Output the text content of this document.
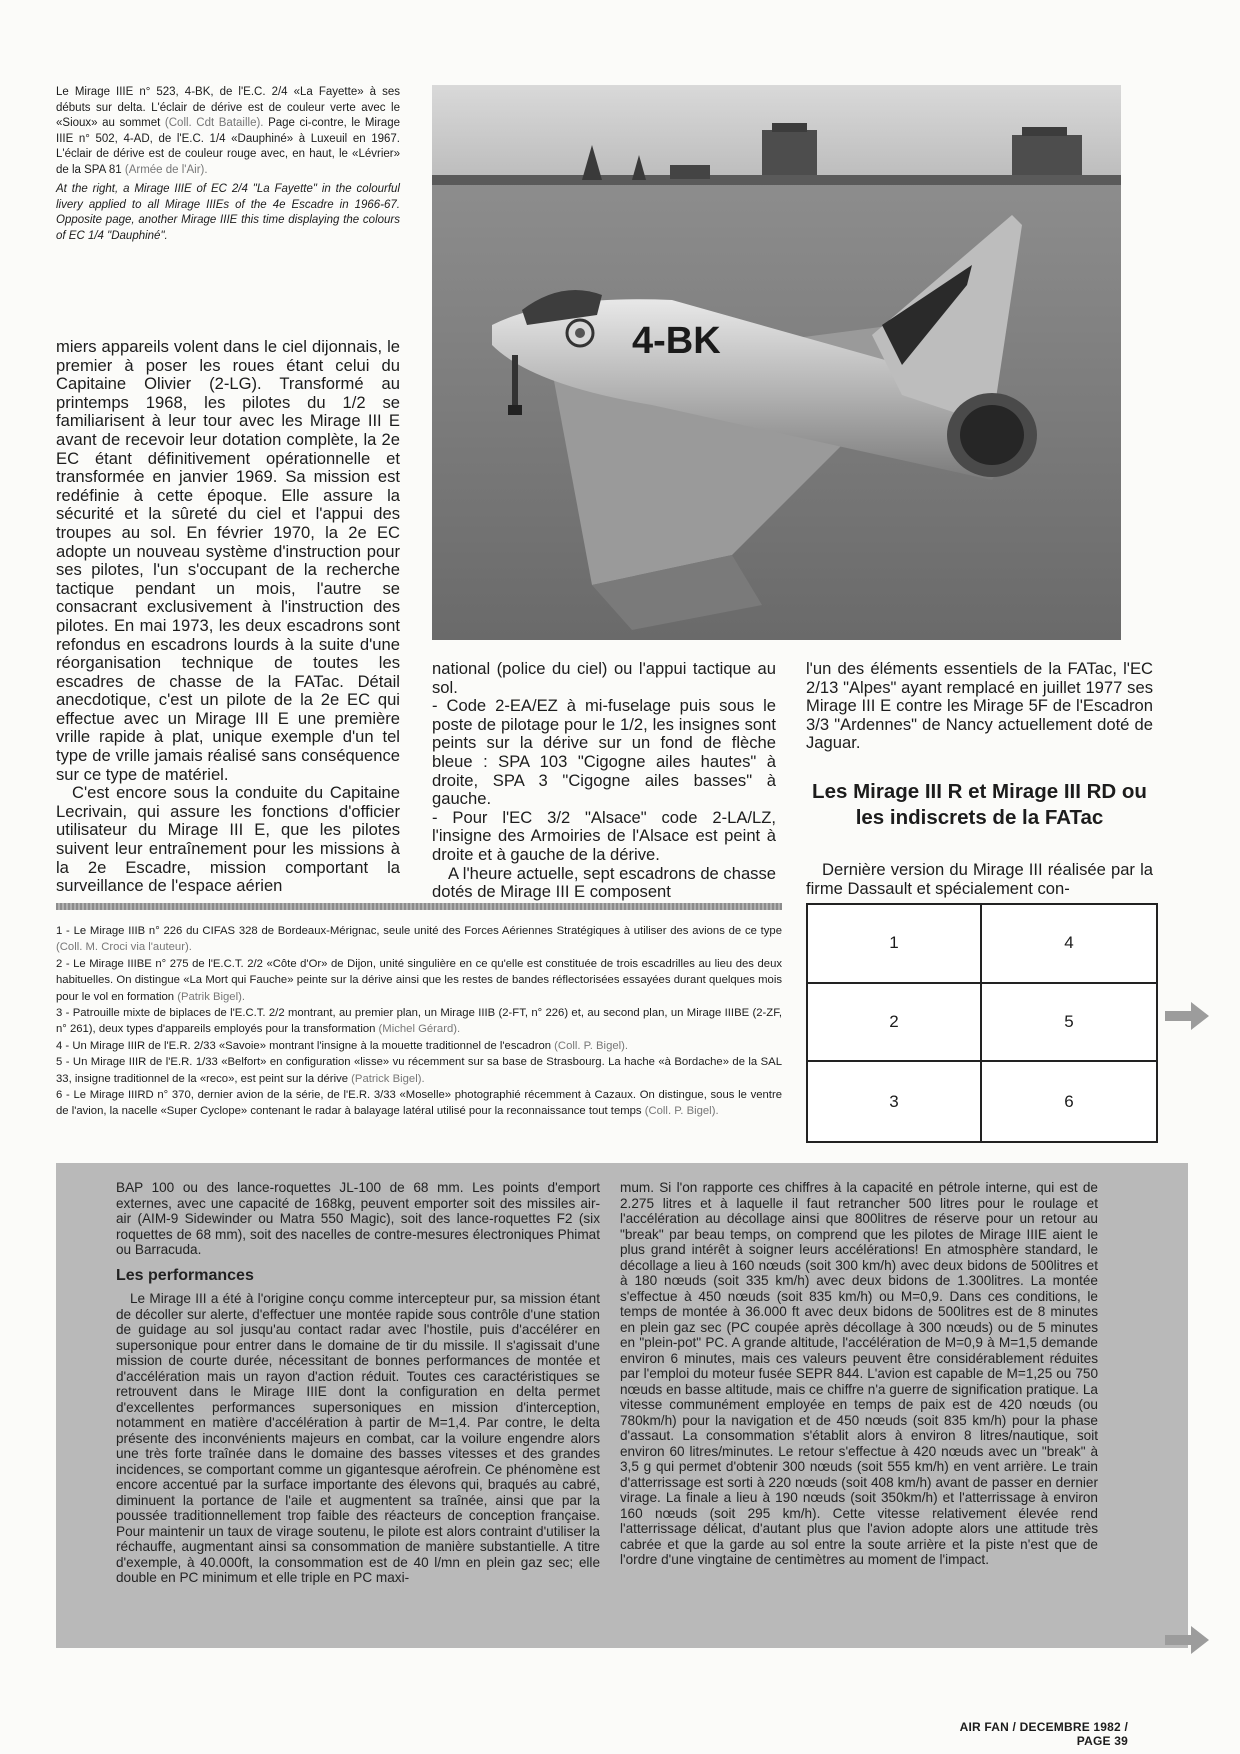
Le Mirage IIIE n° 523, 4-BK, de l'E.C. 2/4 «La Fayette» à ses débuts sur delta. L'éclair de dérive est de couleur verte avec le «Sioux» au sommet (Coll. Cdt Bataille). Page ci-contre, le Mirage IIIE n° 502, 4-AD, de l'E.C. 1/4 «Dauphiné» à Luxeuil en 1967. L'éclair de dérive est de couleur rouge avec, en haut, le «Lévrier» de la SPA 81 (Armée de l'Air).
At the right, a Mirage IIIE of EC 2/4 "La Fayette" in the colourful livery applied to all Mirage IIIEs of the 4e Escadre in 1966-67. Opposite page, another Mirage IIIE this time displaying the colours of EC 1/4 "Dauphiné".
4-BK

miers appareils volent dans le ciel dijonnais, le premier à poser les roues étant celui du Capitaine Olivier (2-LG). Transformé au printemps 1968, les pilotes du 1/2 se familiarisent à leur tour avec les Mirage III E avant de recevoir leur dotation complète, la 2e EC étant définitivement opérationnelle et transformée en janvier 1969. Sa mission est redéfinie à cette époque. Elle assure la sécurité et la sûreté du ciel et l'appui des troupes au sol. En février 1970, la 2e EC adopte un nouveau système d'instruction pour ses pilotes, l'un s'occupant de la recherche tactique pendant un mois, l'autre se consacrant exclusivement à l'instruction des pilotes. En mai 1973, les deux escadrons sont refondus en escadrons lourds à la suite d'une réorganisation technique de toutes les escadres de chasse de la FATac. Détail anecdotique, c'est un pilote de la 2e EC qui effectue avec un Mirage III E une première vrille rapide à plat, unique exemple d'un tel type de vrille jamais réalisé sans conséquence sur ce type de matériel.

C'est encore sous la conduite du Capitaine Lecrivain, qui assure les fonctions d'officier utilisateur du Mirage III E, que les pilotes suivent leur entraînement pour les missions à la 2e Escadre, mission comportant la surveillance de l'espace aérien

national (police du ciel) ou l'appui tactique au sol.

- Code 2-EA/EZ à mi-fuselage puis sous le poste de pilotage pour le 1/2, les insignes sont peints sur la dérive sur un fond de flèche bleue : SPA 103 "Cigogne ailes hautes" à droite, SPA 3 "Cigogne ailes basses" à gauche.

- Pour l'EC 3/2 "Alsace" code 2-LA/LZ, l'insigne des Armoiries de l'Alsace est peint à droite et à gauche de la dérive.

A l'heure actuelle, sept escadrons de chasse dotés de Mirage III E composent

l'un des éléments essentiels de la FATac, l'EC 2/13 "Alpes" ayant remplacé en juillet 1977 ses Mirage III E contre les Mirage 5F de l'Escadron 3/3 "Ardennes" de Nancy actuellement doté de Jaguar.

Les Mirage III R et Mirage III RD ou les indiscrets de la FATac

Dernière version du Mirage III réalisée par la firme Dassault et spécialement con-

1 - Le Mirage IIIB n° 226 du CIFAS 328 de Bordeaux-Mérignac, seule unité des Forces Aériennes Stratégiques à utiliser des avions de ce type (Coll. M. Croci via l'auteur).

2 - Le Mirage IIIBE n° 275 de l'E.C.T. 2/2 «Côte d'Or» de Dijon, unité singulière en ce qu'elle est constituée de trois escadrilles au lieu des deux habituelles. On distingue «La Mort qui Fauche» peinte sur la dérive ainsi que les restes de bandes réflectorisées essayées durant quelques mois pour le vol en formation (Patrik Bigel).

3 - Patrouille mixte de biplaces de l'E.C.T. 2/2 montrant, au premier plan, un Mirage IIIB (2-FT, n° 226) et, au second plan, un Mirage IIIBE (2-ZF, n° 261), deux types d'appareils employés pour la transformation (Michel Gérard).

4 - Un Mirage IIIR de l'E.R. 2/33 «Savoie» montrant l'insigne à la mouette traditionnel de l'escadron (Coll. P. Bigel).

5 - Un Mirage IIIR de l'E.R. 1/33 «Belfort» en configuration «lisse» vu récemment sur sa base de Strasbourg. La hache «à Bordache» de la SAL 33, insigne traditionnel de la «reco», est peint sur la dérive (Patrick Bigel).

6 - Le Mirage IIIRD n° 370, dernier avion de la série, de l'E.R. 3/33 «Moselle» photographié récemment à Cazaux. On distingue, sous le ventre de l'avion, la nacelle «Super Cyclope» contenant le radar à balayage latéral utilisé pour la reconnaissance tout temps (Coll. P. Bigel).

1	4
2	5
3	6

BAP 100 ou des lance-roquettes JL-100 de 68 mm. Les points d'emport externes, avec une capacité de 168kg, peuvent emporter soit des missiles air-air (AIM-9 Sidewinder ou Matra 550 Magic), soit des lance-roquettes F2 (six roquettes de 68 mm), soit des nacelles de contre-mesures électroniques Phimat ou Barracuda.

Les performances

Le Mirage III a été à l'origine conçu comme intercepteur pur, sa mission étant de décoller sur alerte, d'effectuer une montée rapide sous contrôle d'une station de guidage au sol jusqu'au contact radar avec l'hostile, puis d'accélérer en supersonique pour entrer dans le domaine de tir du missile. Il s'agissait d'une mission de courte durée, nécessitant de bonnes performances de montée et d'accélération mais un rayon d'action réduit. Toutes ces caractéristiques se retrouvent dans le Mirage IIIE dont la configuration en delta permet d'excellentes performances supersoniques en mission d'interception, notamment en matière d'accélération à partir de M=1,4. Par contre, le delta présente des inconvénients majeurs en combat, car la voilure engendre alors une très forte traînée dans le domaine des basses vitesses et des grandes incidences, se comportant comme un gigantesque aérofrein. Ce phénomène est encore accentué par la surface importante des élevons qui, braqués au cabré, diminuent la portance de l'aile et augmentent sa traînée, ainsi que par la poussée traditionnellement trop faible des réacteurs de conception française. Pour maintenir un taux de virage soutenu, le pilote est alors contraint d'utiliser la réchauffe, augmentant ainsi sa consommation de manière substantielle. A titre d'exemple, à 40.000ft, la consommation est de 40 l/mn en plein gaz sec; elle double en PC minimum et elle triple en PC maxi-

mum. Si l'on rapporte ces chiffres à la capacité en pétrole interne, qui est de 2.275 litres et à laquelle il faut retrancher 500 litres pour le roulage et l'accélération au décollage ainsi que 800litres de réserve pour un retour au "break" par beau temps, on comprend que les pilotes de Mirage IIIE aient le plus grand intérêt à soigner leurs accélérations! En atmosphère standard, le décollage a lieu à 160 nœuds (soit 300 km/h) avec deux bidons de 500litres et à 180 nœuds (soit 335 km/h) avec deux bidons de 1.300litres. La montée s'effectue à 450 nœuds (soit 835 km/h) ou M=0,9. Dans ces conditions, le temps de montée à 36.000 ft avec deux bidons de 500litres est de 8 minutes en plein gaz sec (PC coupée après décollage à 300 nœuds) ou de 5 minutes en "plein-pot" PC. A grande altitude, l'accélération de M=0,9 à M=1,5 demande environ 6 minutes, mais ces valeurs peuvent être considérablement réduites par l'emploi du moteur fusée SEPR 844. L'avion est capable de M=1,25 ou 750 nœuds en basse altitude, mais ce chiffre n'a guerre de signification pratique. La vitesse communément employée en temps de paix est de 420 nœuds (ou 780km/h) pour la navigation et de 450 nœuds (soit 835 km/h) pour la phase d'assaut. La consommation s'établit alors à environ 8 litres/nautique, soit environ 60 litres/minutes. Le retour s'effectue à 420 nœuds avec un "break" à 3,5 g qui permet d'obtenir 300 nœuds (soit 555 km/h) en vent arrière. Le train d'atterrissage est sorti à 220 nœuds (soit 408 km/h) avant de passer en dernier virage. La finale a lieu à 190 nœuds (soit 350km/h) et l'atterrissage à environ 160 nœuds (soit 295 km/h). Cette vitesse relativement élevée rend l'atterrissage délicat, d'autant plus que l'avion adopte alors une attitude très cabrée et que la garde au sol entre la soute arrière et la piste n'est que de l'ordre d'une vingtaine de centimètres au moment de l'impact.

AIR FAN / DECEMBRE 1982 / PAGE 39
